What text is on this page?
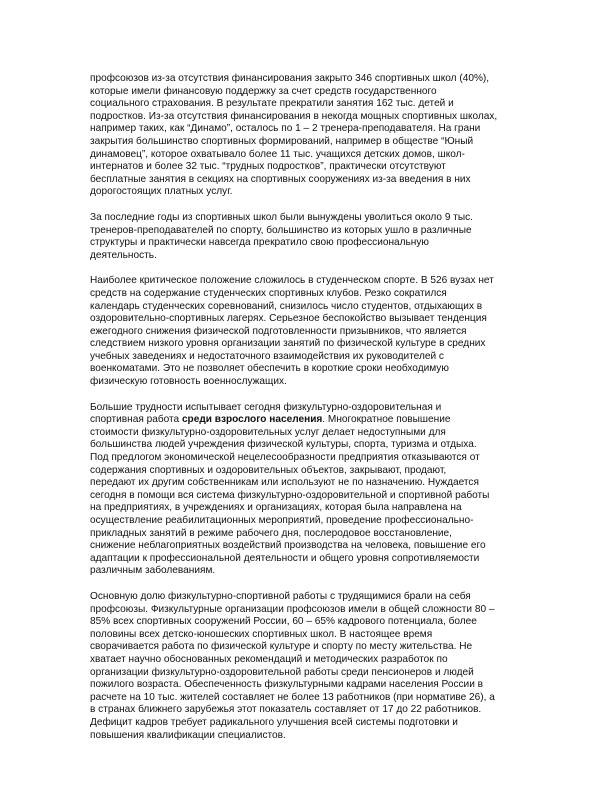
профсоюзов из-за отсутствия финансирования закрыто 346 спортивных школ (40%),
которые имели финансовую поддержку за счет средств государственного
социального страхования. В результате прекратили занятия 162 тыс. детей и
подростков. Из-за отсутствия финансирования в некогда мощных спортивных школах,
например таких, как “Динамо”, осталось по 1 – 2 тренера-преподавателя. На грани
закрытия большинство спортивных формирований, например в обществе “Юный
динамовец”, которое охватывало более 11 тыс. учащихся детских домов, школ-
интернатов и более 32 тыс. “трудных подростков”, практически отсутствуют
бесплатные занятия в секциях на спортивных сооружениях из-за введения в них
дорогостоящих платных услуг.

За последние годы из спортивных школ были вынуждены уволиться около 9 тыс.
тренеров-преподавателей по спорту, большинство из которых ушло в различные
структуры и практически навсегда прекратило свою профессиональную
деятельность.

Наиболее критическое положение сложилось в студенческом спорте. В 526 вузах нет
средств на содержание студенческих спортивных клубов. Резко сократился
календарь студенческих соревнований, снизилось число студентов, отдыхающих в
оздоровительно-спортивных лагерях. Серьезное беспокойство вызывает тенденция
ежегодного снижения физической подготовленности призывников, что является
следствием низкого уровня организации занятий по физической культуре в средних
учебных заведениях и недостаточного взаимодействия их руководителей с
военкоматами. Это не позволяет обеспечить в короткие сроки необходимую
физическую готовность военнослужащих.

Большие трудности испытывает сегодня физкультурно-оздоровительная и
спортивная работа среди взрослого населения. Многократное повышение
стоимости физкультурно-оздоровительных услуг делает недоступными для
большинства людей учреждения физической культуры, спорта, туризма и отдыха.
Под предлогом экономической нецелесообразности предприятия отказываются от
содержания спортивных и оздоровительных объектов, закрывают, продают,
передают их другим собственникам или используют не по назначению. Нуждается
сегодня в помощи вся система физкультурно-оздоровительной и спортивной работы
на предприятиях, в учреждениях и организациях, которая была направлена на
осуществление реабилитационных мероприятий, проведение профессионально-
прикладных занятий в режиме рабочего дня, послеродовое восстановление,
снижение неблагоприятных воздействий производства на человека, повышение его
адаптации к профессиональной деятельности и общего уровня сопротивляемости
различным заболеваниям.

Основную долю физкультурно-спортивной работы с трудящимися брали на себя
профсоюзы. Физкультурные организации профсоюзов имели в общей сложности 80 –
85% всех спортивных сооружений России, 60 – 65% кадрового потенциала, более
половины всех детско-юношеских спортивных школ. В настоящее время
сворачивается работа по физической культуре и спорту по месту жительства. Не
хватает научно обоснованных рекомендаций и методических разработок по
организации физкультурно-оздоровительной работы среди пенсионеров и людей
пожилого возраста. Обеспеченность физкультурными кадрами населения России в
расчете на 10 тыс. жителей составляет не более 13 работников (при нормативе 26), а
в странах ближнего зарубежья этот показатель составляет от 17 до 22 работников.
Дефицит кадров требует радикального улучшения всей системы подготовки и
повышения квалификации специалистов.
